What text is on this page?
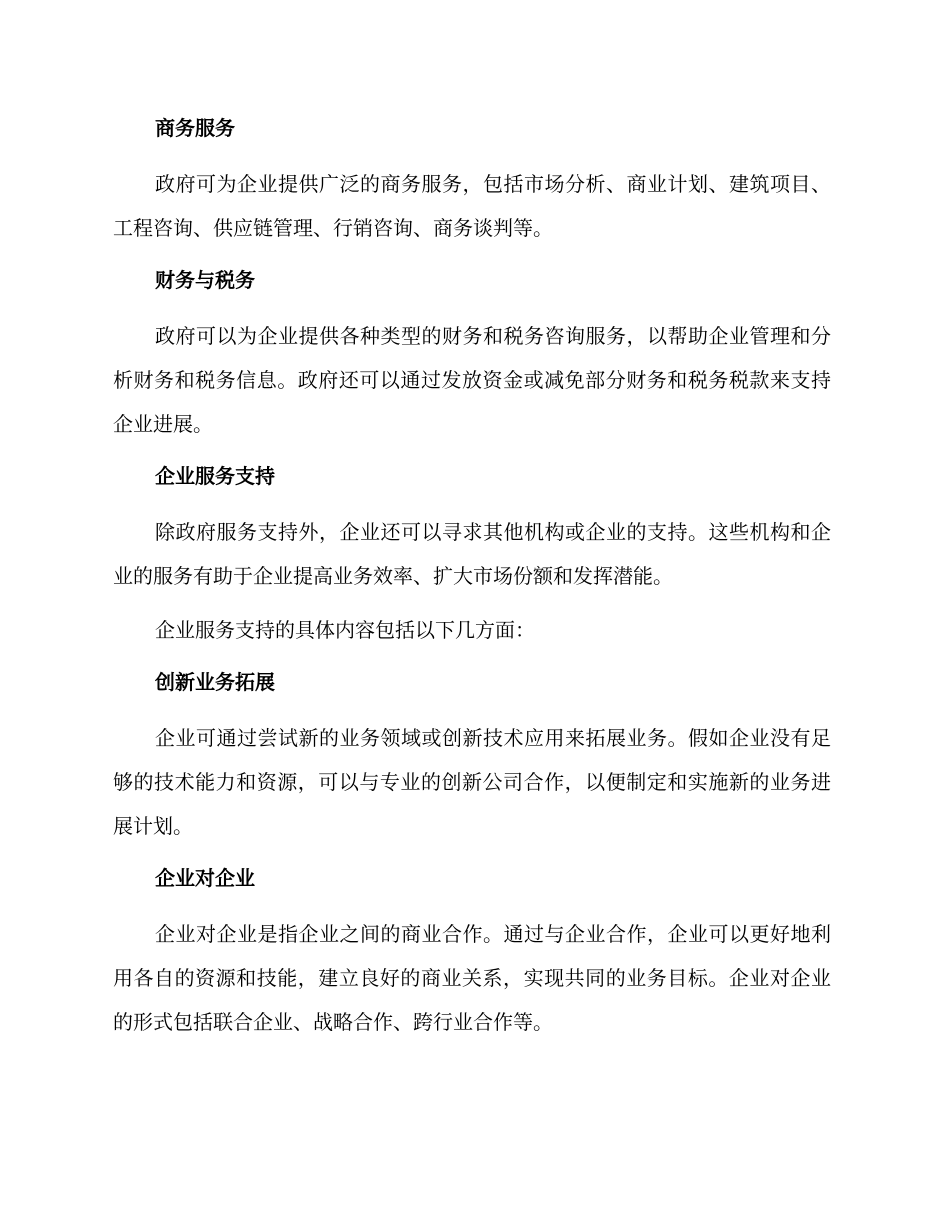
商务服务

政府可为企业提供广泛的商务服务，包括市场分析、商业计划、建筑项目、工程咨询、供应链管理、行销咨询、商务谈判等。

财务与税务

政府可以为企业提供各种类型的财务和税务咨询服务，以帮助企业管理和分析财务和税务信息。政府还可以通过发放资金或减免部分财务和税务税款来支持企业进展。

企业服务支持

除政府服务支持外，企业还可以寻求其他机构或企业的支持。这些机构和企业的服务有助于企业提高业务效率、扩大市场份额和发挥潜能。

企业服务支持的具体内容包括以下几方面：

创新业务拓展

企业可通过尝试新的业务领域或创新技术应用来拓展业务。假如企业没有足够的技术能力和资源，可以与专业的创新公司合作，以便制定和实施新的业务进展计划。

企业对企业

企业对企业是指企业之间的商业合作。通过与企业合作，企业可以更好地利用各自的资源和技能，建立良好的商业关系，实现共同的业务目标。企业对企业的形式包括联合企业、战略合作、跨行业合作等。
